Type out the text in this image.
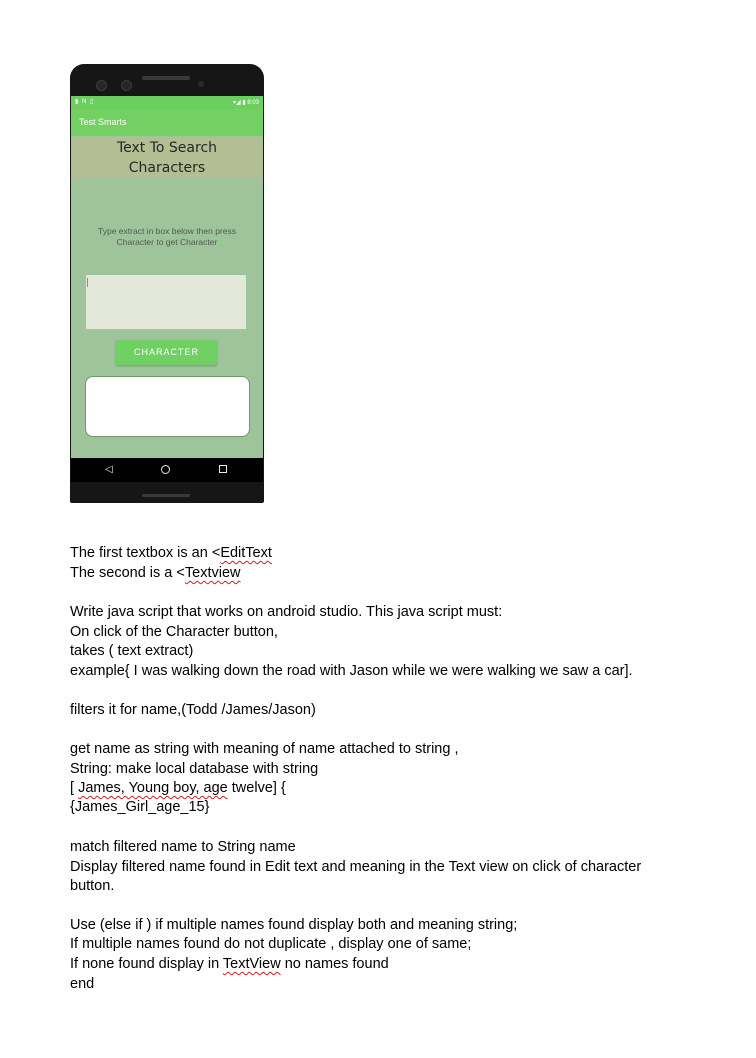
▮ N ▯	▾◢ ▮ 8:03
Test Smarts
Text To Search
Characters
Type extract in box below then press
Character to get Character
CHARACTER
◁
The first textbox is an <EditText
The second is a <Textview
Write java script that works on android studio. This java script must:
On click of the Character button,
takes ( text extract)
example{ I was walking down the road with Jason while we were walking we saw a car].
filters it for name,(Todd /James/Jason)
get name as string with meaning of name attached to string ,
String: make local database with string
[ James, Young boy, age twelve] {
{James_Girl_age_15}
match filtered name to String name
Display filtered name found in Edit text and meaning in the Text view on click of character
button.
Use (else if ) if multiple names found display both and meaning string;
If multiple names found do not duplicate , display one of same;
If none found display in TextView no names found
end
